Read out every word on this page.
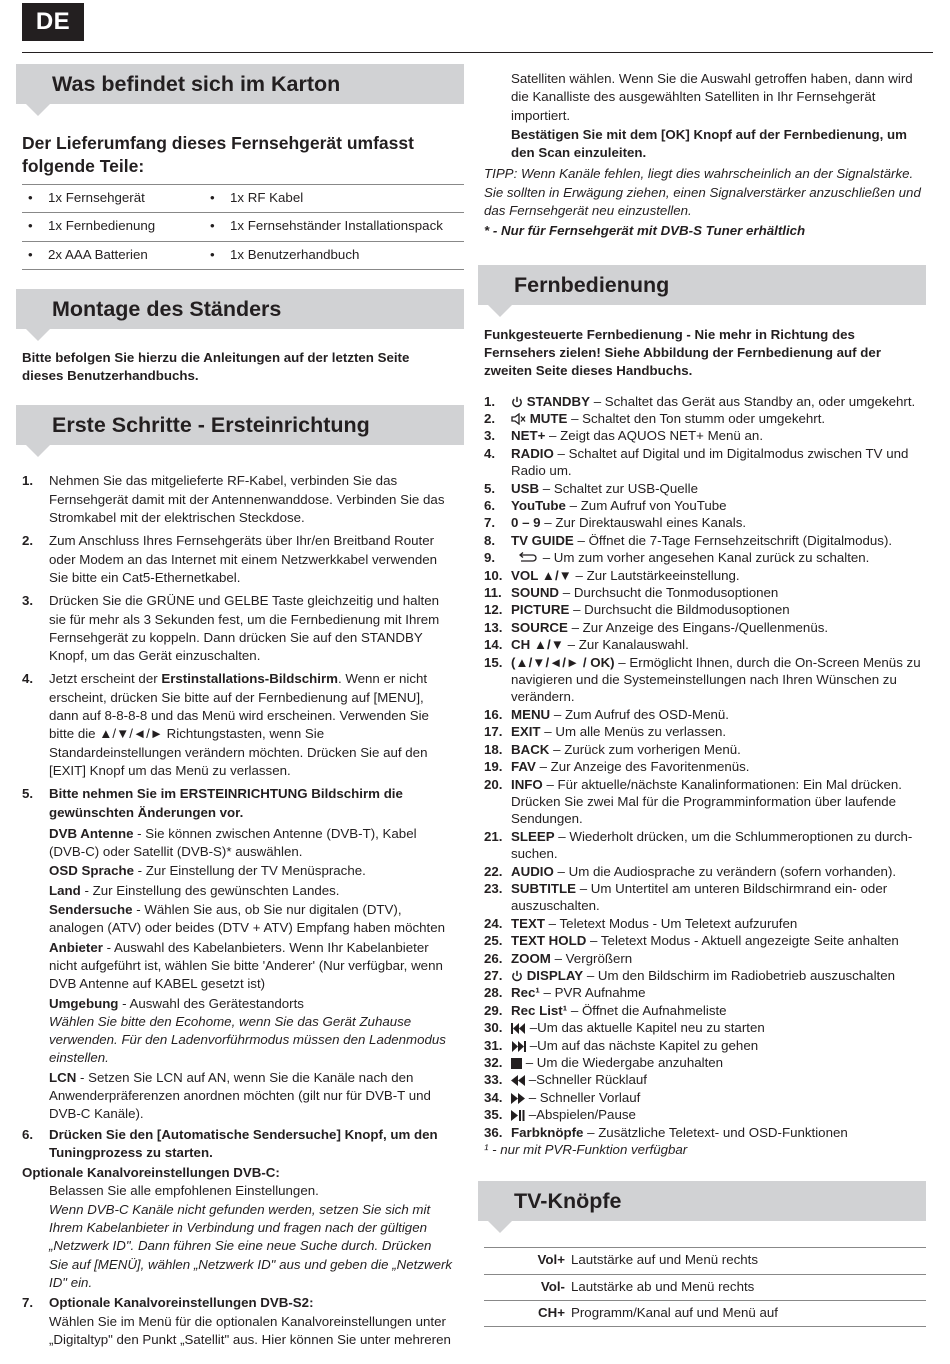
DE
Was befindet sich im Karton

Der Lieferumfang dieses Fernsehgerät umfasst folgende Teile:

• 1x Fernsehgerät	• 1x RF Kabel
• 1x Fernbedienung	• 1x Fernsehständer Installationspack
• 2x AAA Batterien	• 1x Benutzerhandbuch
Montage des Ständers

Bitte befolgen Sie hierzu die Anleitungen auf der letzten Seite dieses Benutzerhandbuchs.

Erste Schritte - Ersteinrichtung
1. Nehmen Sie das mitgelieferte RF-Kabel, verbinden Sie das Fernsehgerät damit mit der Antennenwanddose. Verbinden Sie das Stromkabel mit der elektrischen Steckdose.
2. Zum Anschluss Ihres Fernsehgeräts über Ihr/en Breitband Router oder Modem an das Internet mit einem Netzwerkkabel verwenden Sie bitte ein Cat5-Ethernetkabel.
3. Drücken Sie die GRÜNE und GELBE Taste gleichzeitig und halten sie für mehr als 3 Sekunden fest, um die Fernbedienung mit Ihrem Fernsehgerät zu koppeln. Dann drücken Sie auf den STANDBY Knopf, um das Gerät einzuschalten.
4. Jetzt erscheint der Erstinstallations-Bildschirm. Wenn er nicht erscheint, drücken Sie bitte auf der Fernbedienung auf [MENU], dann auf 8-8-8-8 und das Menü wird erscheinen. Verwenden Sie bitte die ▲/▼/◄/► Richtungstasten, wenn Sie Standardeinstellungen verändern möchten. Drücken Sie auf den [EXIT] Knopf um das Menü zu verlassen.
5. Bitte nehmen Sie im ERSTEINRICHTUNG Bildschirm die gewünschten Änderungen vor.

DVB Antenne - Sie können zwischen Antenne (DVB-T), Kabel (DVB-C) oder Satellit (DVB-S)* auswählen.

OSD Sprache - Zur Einstellung der TV Menüsprache.

Land - Zur Einstellung des gewünschten Landes.

Sendersuche - Wählen Sie aus, ob Sie nur digitalen (DTV), analogen (ATV) oder beides (DTV + ATV) Empfang haben möchten

Anbieter - Auswahl des Kabelanbieters. Wenn Ihr Kabelanbieter nicht aufgeführt ist, wählen Sie bitte 'Anderer' (Nur verfügbar, wenn DVB Antenne auf KABEL gesetzt ist)

Umgebung - Auswahl des Gerätestandorts

Wählen Sie bitte den Ecohome, wenn Sie das Gerät Zuhause verwenden. Für den Ladenvorführmodus müssen den Ladenmodus einstellen.

LCN - Setzen Sie LCN auf AN, wenn Sie die Kanäle nach den Anwenderpräferenzen anordnen möchten (gilt nur für DVB-T und DVB-C Kanäle).

6. Drücken Sie den [Automatische Sendersuche] Knopf, um den Tuningprozess zu starten.

Optionale Kanalvoreinstellungen DVB-C:

Belassen Sie alle empfohlenen Einstellungen.

Wenn DVB-C Kanäle nicht gefunden werden, setzen Sie sich mit Ihrem Kabelanbieter in Verbindung und fragen nach der gültigen „Netzwerk ID". Dann führen Sie eine neue Suche durch. Drücken Sie auf [MENÜ], wählen „Netzwerk ID" aus und geben die „Netzwerk ID" ein.

7. Optionale Kanalvoreinstellungen DVB-S2:
Wählen Sie im Menü für die optionalen Kanalvoreinstellungen unter „Digitaltyp" den Punkt „Satellit" aus. Hier können Sie unter mehreren

Satelliten wählen. Wenn Sie die Auswahl getroffen haben, dann wird die Kanalliste des ausgewählten Satelliten in Ihr Fernsehgerät importiert.

Bestätigen Sie mit dem [OK] Knopf auf der Fernbedienung, um den Scan einzuleiten.

TIPP: Wenn Kanäle fehlen, liegt dies wahrscheinlich an der Signalstärke. Sie sollten in Erwägung ziehen, einen Signalverstärker anzuschließen und das Fernsehgerät neu einzustellen.

* - Nur für Fernsehgerät mit DVB-S Tuner erhältlich

Fernbedienung

Funkgesteuerte Fernbedienung - Nie mehr in Richtung des Fernsehers zielen! Siehe Abbildung der Fernbedienung auf der zweiten Seite dieses Handbuchs.

1. STANDBY – Schaltet das Gerät aus Standby an, oder umgekehrt.
2.	MUTE – Schaltet den Ton stumm oder umgekehrt.
3. NET+ – Zeigt das AQUOS NET+ Menü an.
4. RADIO – Schaltet auf Digital und im Digitalmodus zwischen TV und Radio um.
5. USB – Schaltet zur USB-Quelle
6. YouTube – Zum Aufruf von YouTube
7. 0 – 9 – Zur Direktauswahl eines Kanals.
8. TV GUIDE – Öffnet die 7-Tage Fernsehzeitschrift (Digitalmodus).
9.	– Um zum vorher angesehen Kanal zurück zu schalten.
10. VOL ▲/▼ – Zur Lautstärkeeinstellung.
11. SOUND – Durchsucht die Tonmodusoptionen
12. PICTURE – Durchsucht die Bildmodusoptionen
13. SOURCE – Zur Anzeige des Eingans-/Quellenmenüs.
14. CH ▲/▼ – Zur Kanalauswahl.
15. (▲/▼/◄/► / OK) – Ermöglicht Ihnen, durch die On-Screen Menüs zu navigieren und die Systemeinstellungen nach Ihren Wünschen zu verändern.
16. MENU – Zum Aufruf des OSD-Menü.
17. EXIT – Um alle Menüs zu verlassen.
18. BACK – Zurück zum vorherigen Menü.
19. FAV – Zur Anzeige des Favoritenmenüs.
20. INFO – Für aktuelle/nächste Kanalinformationen: Ein Mal drücken. Drücken Sie zwei Mal für die Programminformation über laufende Sendungen.
21. SLEEP – Wiederholt drücken, um die Schlummeroptionen zu durch- suchen.
22. AUDIO – Um die Audiosprache zu verändern (sofern vorhanden).
23. SUBTITLE – Um Untertitel am unteren Bildschirmrand ein- oder auszuschalten.
24. TEXT – Teletext Modus - Um Teletext aufzurufen
25. TEXT HOLD – Teletext Modus - Aktuell angezeigte Seite anhalten
26. ZOOM – Vergrößern
27. DISPLAY – Um den Bildschirm im Radiobetrieb auszuschalten
28. Rec¹ – PVR Aufnahme
29. Rec List¹ – Öffnet die Aufnahmeliste
30. –Um das aktuelle Kapitel neu zu starten
31. –Um auf das nächste Kapitel zu gehen
32. – Um die Wiedergabe anzuhalten
33. –Schneller Rücklauf
34. – Schneller Vorlauf
35. –Abspielen/Pause
36. Farbknöpfe – Zusätzliche Teletext- und OSD-Funktionen

¹ - nur mit PVR-Funktion verfügbar

TV-Knöpfe
Vol+	Lautstärke auf und Menü rechts
Vol-	Lautstärke ab und Menü rechts
CH+	Programm/Kanal auf und Menü auf
